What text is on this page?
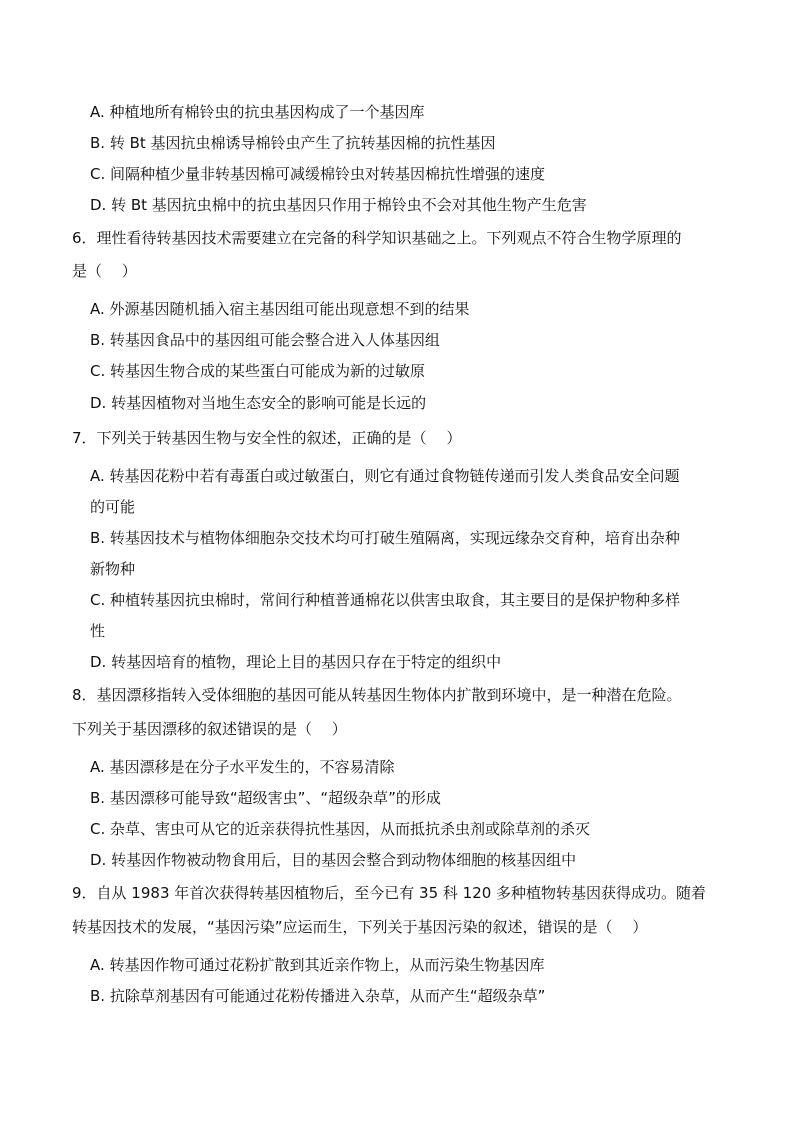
A. 种植地所有棉铃虫的抗虫基因构成了一个基因库
B. 转 Bt 基因抗虫棉诱导棉铃虫产生了抗转基因棉的抗性基因
C. 间隔种植少量非转基因棉可减缓棉铃虫对转基因棉抗性增强的速度
D. 转 Bt 基因抗虫棉中的抗虫基因只作用于棉铃虫不会对其他生物产生危害
6．理性看待转基因技术需要建立在完备的科学知识基础之上。下列观点不符合生物学原理的
是（　 ）
A. 外源基因随机插入宿主基因组可能出现意想不到的结果
B. 转基因食品中的基因组可能会整合进入人体基因组
C. 转基因生物合成的某些蛋白可能成为新的过敏原
D. 转基因植物对当地生态安全的影响可能是长远的
7．下列关于转基因生物与安全性的叙述，正确的是（　 ）
A. 转基因花粉中若有毒蛋白或过敏蛋白，则它有通过食物链传递而引发人类食品安全问题
的可能
B. 转基因技术与植物体细胞杂交技术均可打破生殖隔离，实现远缘杂交育种，培育出杂种
新物种
C. 种植转基因抗虫棉时，常间行种植普通棉花以供害虫取食，其主要目的是保护物种多样
性
D. 转基因培育的植物，理论上目的基因只存在于特定的组织中
8．基因漂移指转入受体细胞的基因可能从转基因生物体内扩散到环境中，是一种潜在危险。
下列关于基因漂移的叙述错误的是（　 ）
A. 基因漂移是在分子水平发生的，不容易清除
B. 基因漂移可能导致“超级害虫”、“超级杂草”的形成
C. 杂草、害虫可从它的近亲获得抗性基因，从而抵抗杀虫剂或除草剂的杀灭
D. 转基因作物被动物食用后，目的基因会整合到动物体细胞的核基因组中
9．自从 1983 年首次获得转基因植物后，至今已有 35 科 120 多种植物转基因获得成功。随着
转基因技术的发展，“基因污染”应运而生，下列关于基因污染的叙述，错误的是（　 ）
A. 转基因作物可通过花粉扩散到其近亲作物上，从而污染生物基因库
B. 抗除草剂基因有可能通过花粉传播进入杂草，从而产生“超级杂草”
